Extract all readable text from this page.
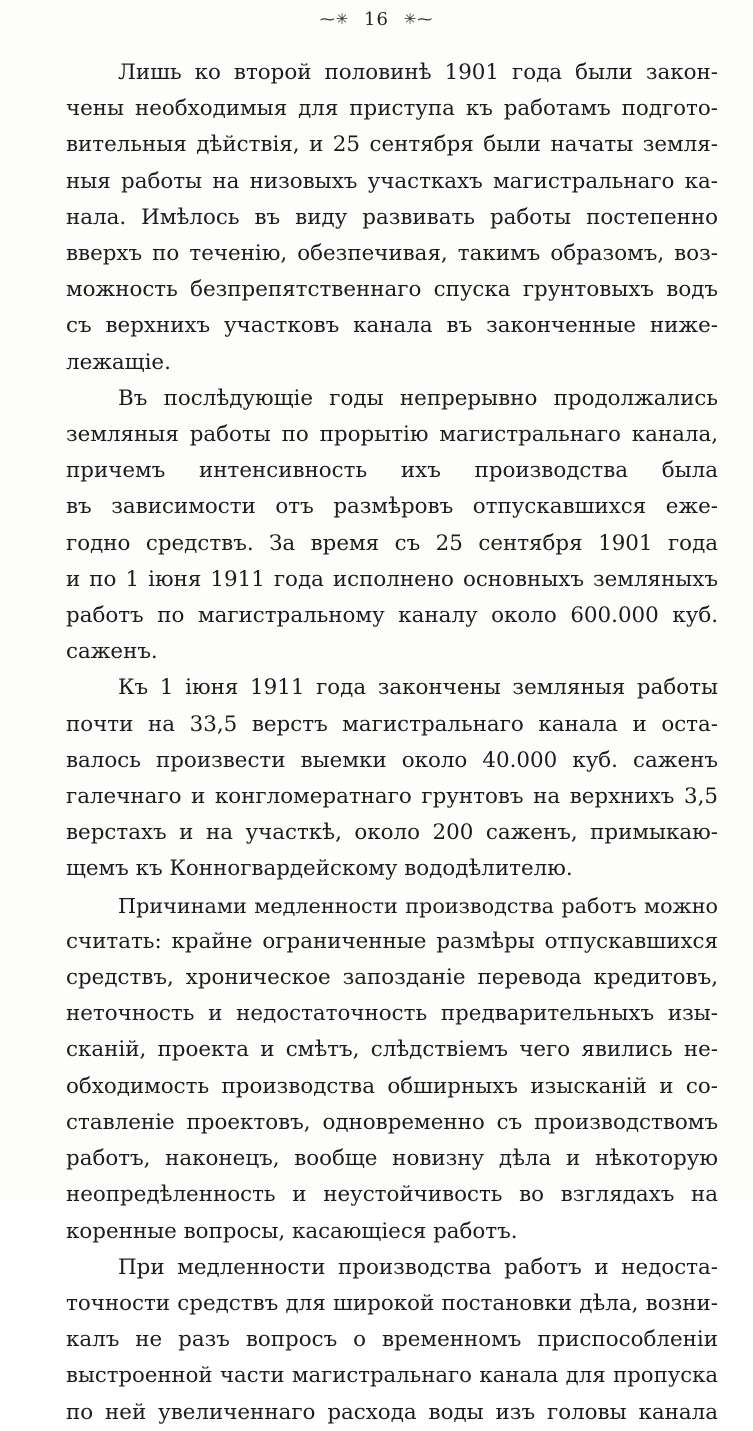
⁓✳ 16 ✳⁓
Лишь ко второй половинѣ 1901 года были закон-
чены необходимыя для приступа къ работамъ подгото-
вительныя дѣйствія, и 25 сентября были начаты земля-
ныя работы на низовыхъ участкахъ магистральнаго ка-
нала. Имѣлось въ виду развивать работы постепенно
вверхъ по теченію, обезпечивая, такимъ образомъ, воз-
можность безпрепятственнаго спуска грунтовыхъ водъ
съ верхнихъ участковъ канала въ законченные ниже-
лежащіе.
Въ послѣдующіе годы непрерывно продолжались
земляныя работы по прорытію магистральнаго канала,
причемъ интенсивность ихъ производства была
въ зависимости отъ размѣровъ отпускавшихся еже-
годно средствъ. За время съ 25 сентября 1901 года
и по 1 іюня 1911 года исполнено основныхъ земляныхъ
работъ по магистральному каналу около 600.000 куб.
саженъ.
Къ 1 іюня 1911 года закончены земляныя работы
почти на 33,5 верстъ магистральнаго канала и оста-
валось произвести выемки около 40.000 куб. саженъ
галечнаго и конгломератнаго грунтовъ на верхнихъ 3,5
верстахъ и на участкѣ, около 200 саженъ, примыкаю-
щемъ къ Конногвардейскому вододѣлителю.
Причинами медленности производства работъ можно
считать: крайне ограниченные размѣры отпускавшихся
средствъ, хроническое запозданіе перевода кредитовъ,
неточность и недостаточность предварительныхъ изы-
сканій, проекта и смѣтъ, слѣдствіемъ чего явились не-
обходимость производства обширныхъ изысканій и со-
ставленіе проектовъ, одновременно съ производствомъ
работъ, наконецъ, вообще новизну дѣла и нѣкоторую
неопредѣленность и неустойчивость во взглядахъ на
коренные вопросы, касающіеся работъ.
При медленности производства работъ и недоста-
точности средствъ для широкой постановки дѣла, возни-
калъ не разъ вопросъ о временномъ приспособленіи
выстроенной части магистральнаго канала для пропуска
по ней увеличеннаго расхода воды изъ головы канала
